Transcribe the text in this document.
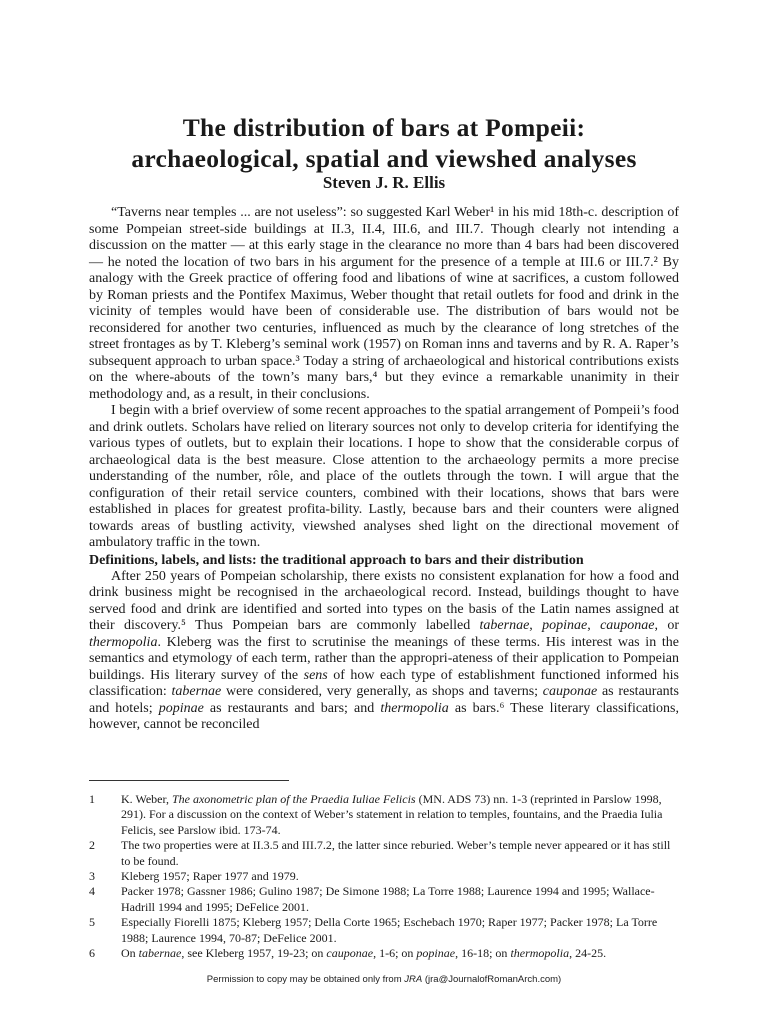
The distribution of bars at Pompeii:
archaeological, spatial and viewshed analyses
Steven J. R. Ellis

“Taverns near temples ... are not useless”: so suggested Karl Weber¹ in his mid 18th-c. description of some Pompeian street-side buildings at II.3, II.4, III.6, and III.7. Though clearly not intending a discussion on the matter — at this early stage in the clearance no more than 4 bars had been discovered — he noted the location of two bars in his argument for the presence of a temple at III.6 or III.7.² By analogy with the Greek practice of offering food and libations of wine at sacrifices, a custom followed by Roman priests and the Pontifex Maximus, Weber thought that retail outlets for food and drink in the vicinity of temples would have been of considerable use. The distribution of bars would not be reconsidered for another two centuries, influenced as much by the clearance of long stretches of the street frontages as by T. Kleberg’s seminal work (1957) on Roman inns and taverns and by R. A. Raper’s subsequent approach to urban space.³ Today a string of archaeological and historical contributions exists on the where-abouts of the town’s many bars,⁴ but they evince a remarkable unanimity in their methodology and, as a result, in their conclusions.

I begin with a brief overview of some recent approaches to the spatial arrangement of Pompeii’s food and drink outlets. Scholars have relied on literary sources not only to develop criteria for identifying the various types of outlets, but to explain their locations. I hope to show that the considerable corpus of archaeological data is the best measure. Close attention to the archaeology permits a more precise understanding of the number, rôle, and place of the outlets through the town. I will argue that the configuration of their retail service counters, combined with their locations, shows that bars were established in places for greatest profita-bility. Lastly, because bars and their counters were aligned towards areas of bustling activity, viewshed analyses shed light on the directional movement of ambulatory traffic in the town.

Definitions, labels, and lists: the traditional approach to bars and their distribution

After 250 years of Pompeian scholarship, there exists no consistent explanation for how a food and drink business might be recognised in the archaeological record. Instead, buildings thought to have served food and drink are identified and sorted into types on the basis of the Latin names assigned at their discovery.⁵ Thus Pompeian bars are commonly labelled tabernae, popinae, cauponae, or thermopolia. Kleberg was the first to scrutinise the meanings of these terms. His interest was in the semantics and etymology of each term, rather than the appropri-ateness of their application to Pompeian buildings. His literary survey of the sens of how each type of establishment functioned informed his classification: tabernae were considered, very generally, as shops and taverns; cauponae as restaurants and hotels; popinae as restaurants and bars; and thermopolia as bars.⁶ These literary classifications, however, cannot be reconciled

1	K. Weber, The axonometric plan of the Praedia Iuliae Felicis (MN. ADS 73) nn. 1-3 (reprinted in Parslow 1998, 291). For a discussion on the context of Weber’s statement in relation to temples, fountains, and the Praedia Iulia Felicis, see Parslow ibid. 173-74.
2	The two properties were at II.3.5 and III.7.2, the latter since reburied. Weber’s temple never appeared or it has still to be found.
3	Kleberg 1957; Raper 1977 and 1979.
4	Packer 1978; Gassner 1986; Gulino 1987; De Simone 1988; La Torre 1988; Laurence 1994 and 1995; Wallace-Hadrill 1994 and 1995; DeFelice 2001.
5	Especially Fiorelli 1875; Kleberg 1957; Della Corte 1965; Eschebach 1970; Raper 1977; Packer 1978; La Torre 1988; Laurence 1994, 70-87; DeFelice 2001.
6	On tabernae, see Kleberg 1957, 19-23; on cauponae, 1-6; on popinae, 16-18; on thermopolia, 24-25.
Permission to copy may be obtained only from JRA (jra@JournalofRomanArch.com)
